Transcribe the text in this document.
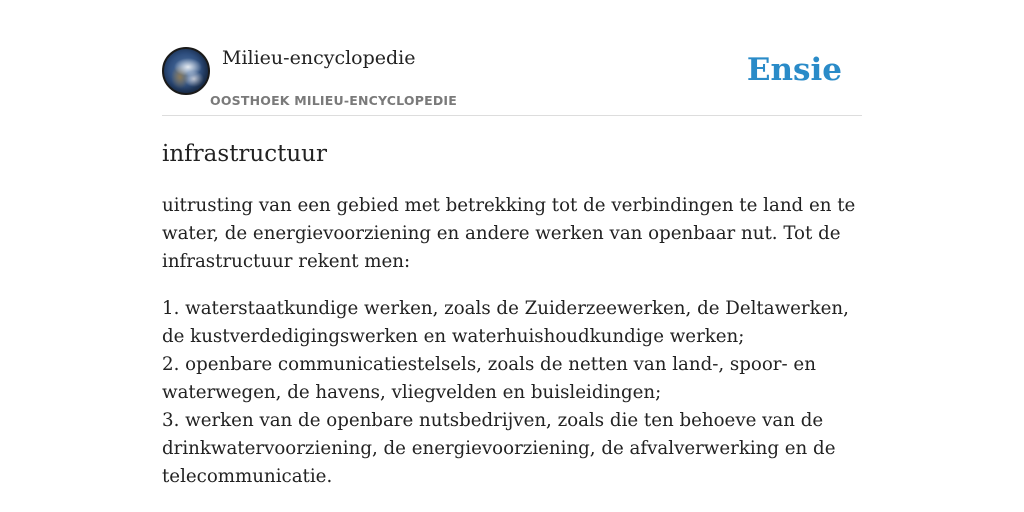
Milieu-encyclopedie
OOSTHOEK MILIEU-ENCYCLOPEDIE
Ensie
infrastructuur

uitrusting van een gebied met betrekking tot de verbindingen te land en te water, de energievoorziening en andere werken van openbaar nut. Tot de infrastructuur rekent men:

1. waterstaatkundige werken, zoals de Zuiderzeewerken, de Deltawerken, de kustverdedigingswerken en waterhuishoudkundige werken;
2. openbare communicatiestelsels, zoals de netten van land-, spoor- en waterwegen, de havens, vliegvelden en buisleidingen;
3. werken van de openbare nutsbedrijven, zoals die ten behoeve van de drinkwatervoorziening, de energievoorziening, de afvalverwerking en de telecommunicatie.
